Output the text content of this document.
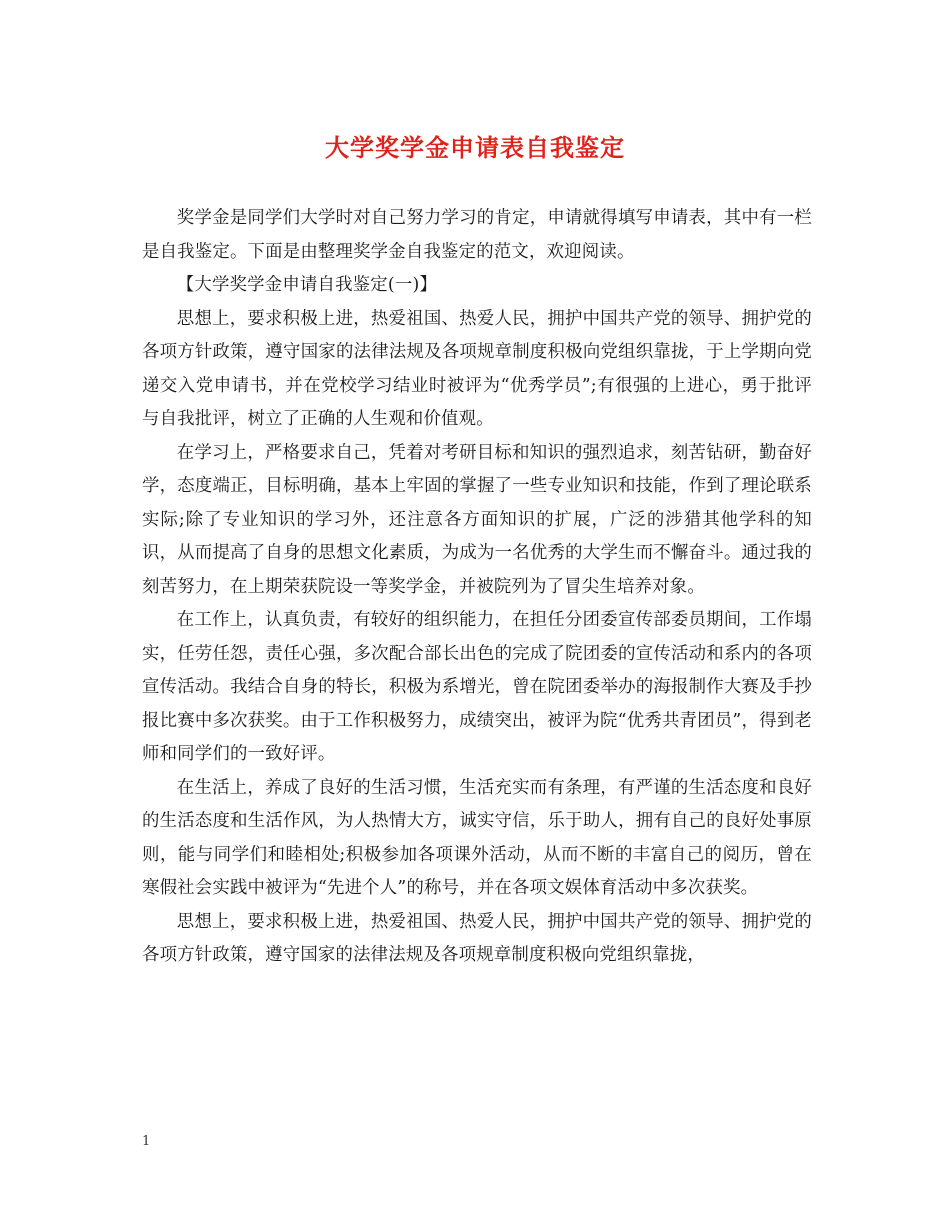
大学奖学金申请表自我鉴定

奖学金是同学们大学时对自己努力学习的肯定，申请就得填写申请表，其中有一栏是自我鉴定。下面是由整理奖学金自我鉴定的范文，欢迎阅读。

【大学奖学金申请自我鉴定(一)】

思想上，要求积极上进，热爱祖国、热爱人民，拥护中国共产党的领导、拥护党的各项方针政策，遵守国家的法律法规及各项规章制度积极向党组织靠拢，于上学期向党递交入党申请书，并在党校学习结业时被评为“优秀学员”;有很强的上进心，勇于批评与自我批评，树立了正确的人生观和价值观。

在学习上，严格要求自己，凭着对考研目标和知识的强烈追求，刻苦钻研，勤奋好学，态度端正，目标明确，基本上牢固的掌握了一些专业知识和技能，作到了理论联系实际;除了专业知识的学习外，还注意各方面知识的扩展，广泛的涉猎其他学科的知识，从而提高了自身的思想文化素质，为成为一名优秀的大学生而不懈奋斗。通过我的刻苦努力，在上期荣获院设一等奖学金，并被院列为了冒尖生培养对象。

在工作上，认真负责，有较好的组织能力，在担任分团委宣传部委员期间，工作塌实，任劳任怨，责任心强，多次配合部长出色的完成了院团委的宣传活动和系内的各项宣传活动。我结合自身的特长，积极为系增光，曾在院团委举办的海报制作大赛及手抄报比赛中多次获奖。由于工作积极努力，成绩突出，被评为院“优秀共青团员”，得到老师和同学们的一致好评。

在生活上，养成了良好的生活习惯，生活充实而有条理，有严谨的生活态度和良好的生活态度和生活作风，为人热情大方，诚实守信，乐于助人，拥有自己的良好处事原则，能与同学们和睦相处;积极参加各项课外活动，从而不断的丰富自己的阅历，曾在寒假社会实践中被评为“先进个人”的称号，并在各项文娱体育活动中多次获奖。

思想上，要求积极上进，热爱祖国、热爱人民，拥护中国共产党的领导、拥护党的各项方针政策，遵守国家的法律法规及各项规章制度积极向党组织靠拢，

1
